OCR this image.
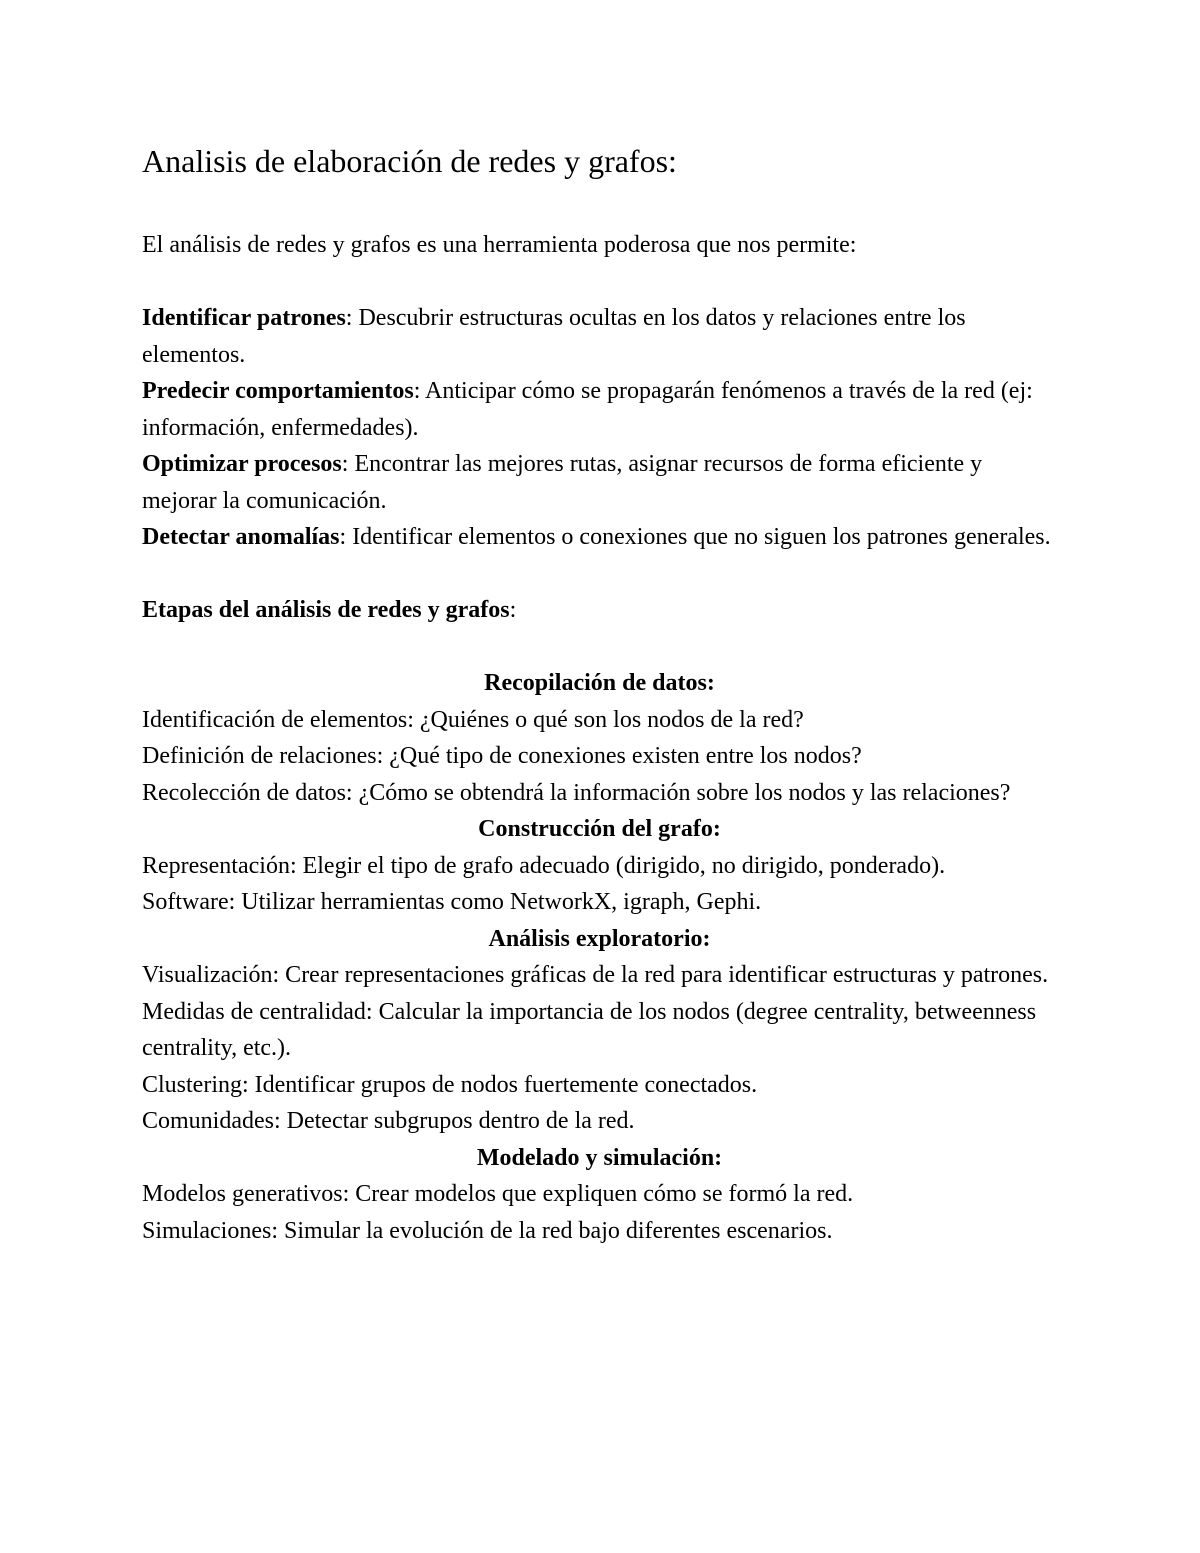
Analisis de elaboración de redes y grafos:

El análisis de redes y grafos es una herramienta poderosa que nos permite:

Identificar patrones: Descubrir estructuras ocultas en los datos y relaciones entre los elementos.

Predecir comportamientos: Anticipar cómo se propagarán fenómenos a través de la red (ej: información, enfermedades).

Optimizar procesos: Encontrar las mejores rutas, asignar recursos de forma eficiente y mejorar la comunicación.

Detectar anomalías: Identificar elementos o conexiones que no siguen los patrones generales.

Etapas del análisis de redes y grafos:

Recopilación de datos:

Identificación de elementos: ¿Quiénes o qué son los nodos de la red?

Definición de relaciones: ¿Qué tipo de conexiones existen entre los nodos?

Recolección de datos: ¿Cómo se obtendrá la información sobre los nodos y las relaciones?

Construcción del grafo:

Representación: Elegir el tipo de grafo adecuado (dirigido, no dirigido, ponderado).

Software: Utilizar herramientas como NetworkX, igraph, Gephi.

Análisis exploratorio:

Visualización: Crear representaciones gráficas de la red para identificar estructuras y patrones.

Medidas de centralidad: Calcular la importancia de los nodos (degree centrality, betweenness centrality, etc.).

Clustering: Identificar grupos de nodos fuertemente conectados.

Comunidades: Detectar subgrupos dentro de la red.

Modelado y simulación:

Modelos generativos: Crear modelos que expliquen cómo se formó la red.

Simulaciones: Simular la evolución de la red bajo diferentes escenarios.
